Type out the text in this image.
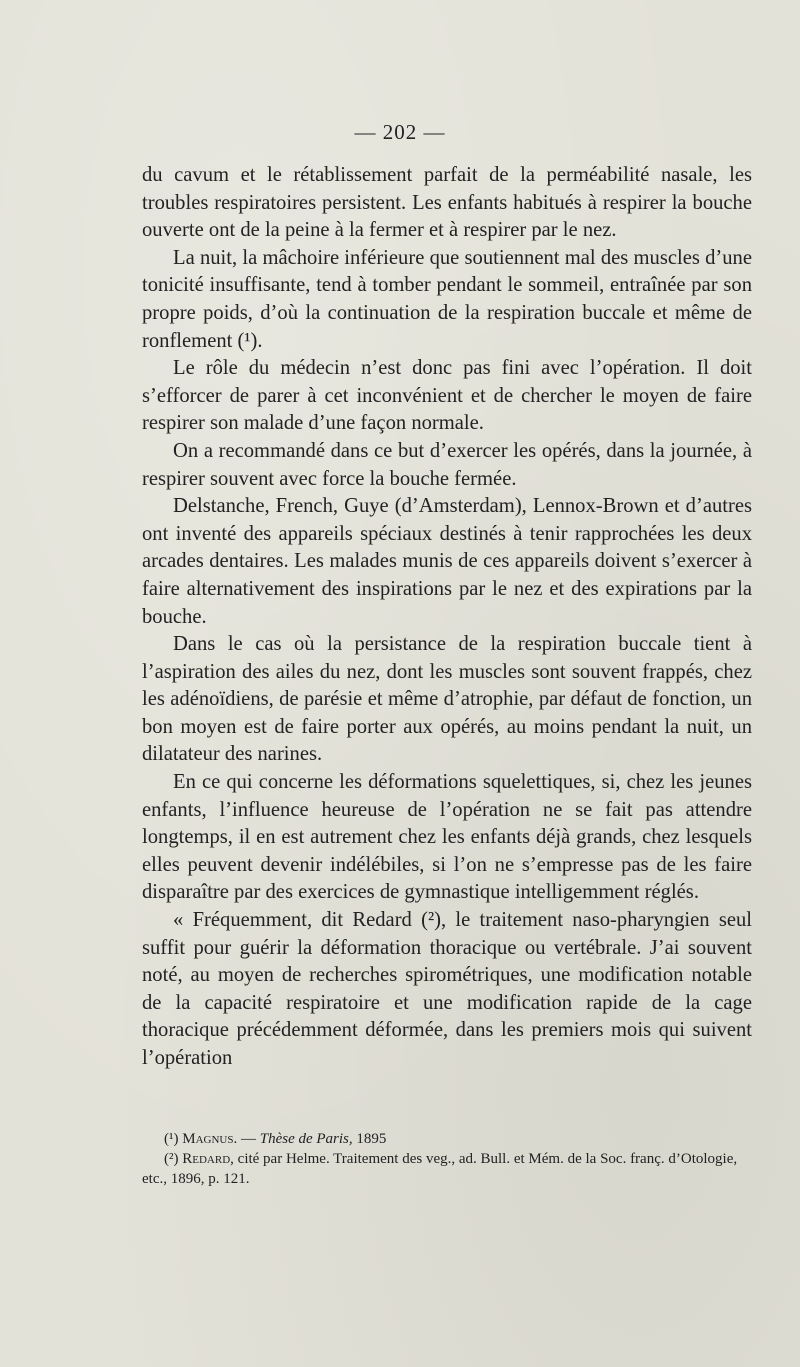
— 202 —

du cavum et le rétablissement parfait de la perméabilité nasale, les troubles respiratoires persistent. Les enfants habitués à respirer la bouche ouverte ont de la peine à la fermer et à respirer par le nez.

La nuit, la mâchoire inférieure que soutiennent mal des muscles d’une tonicité insuffisante, tend à tomber pendant le sommeil, entraînée par son propre poids, d’où la continuation de la respiration buccale et même de ronflement (¹).

Le rôle du médecin n’est donc pas fini avec l’opération. Il doit s’efforcer de parer à cet inconvénient et de chercher le moyen de faire respirer son malade d’une façon normale.

On a recommandé dans ce but d’exercer les opérés, dans la journée, à respirer souvent avec force la bouche fermée.

Delstanche, French, Guye (d’Amsterdam), Lennox-Brown et d’autres ont inventé des appareils spéciaux destinés à tenir rapprochées les deux arcades dentaires. Les malades munis de ces appareils doivent s’exercer à faire alternativement des inspirations par le nez et des expirations par la bouche.

Dans le cas où la persistance de la respiration buccale tient à l’aspiration des ailes du nez, dont les muscles sont souvent frappés, chez les adénoïdiens, de parésie et même d’atrophie, par défaut de fonction, un bon moyen est de faire porter aux opérés, au moins pendant la nuit, un dilatateur des narines.

En ce qui concerne les déformations squelettiques, si, chez les jeunes enfants, l’influence heureuse de l’opération ne se fait pas attendre longtemps, il en est autrement chez les enfants déjà grands, chez lesquels elles peuvent devenir indélébiles, si l’on ne s’empresse pas de les faire disparaître par des exercices de gymnastique intelligemment réglés.

« Fréquemment, dit Redard (²), le traitement naso-pharyngien seul suffit pour guérir la déformation thoracique ou vertébrale. J’ai souvent noté, au moyen de recherches spirométriques, une modification notable de la capacité respiratoire et une modification rapide de la cage thoracique précédemment déformée, dans les premiers mois qui suivent l’opération

(¹) Magnus. — Thèse de Paris, 1895

(²) Redard, cité par Helme. Traitement des veg., ad. Bull. et Mém. de la Soc. franç. d’Otologie, etc., 1896, p. 121.
